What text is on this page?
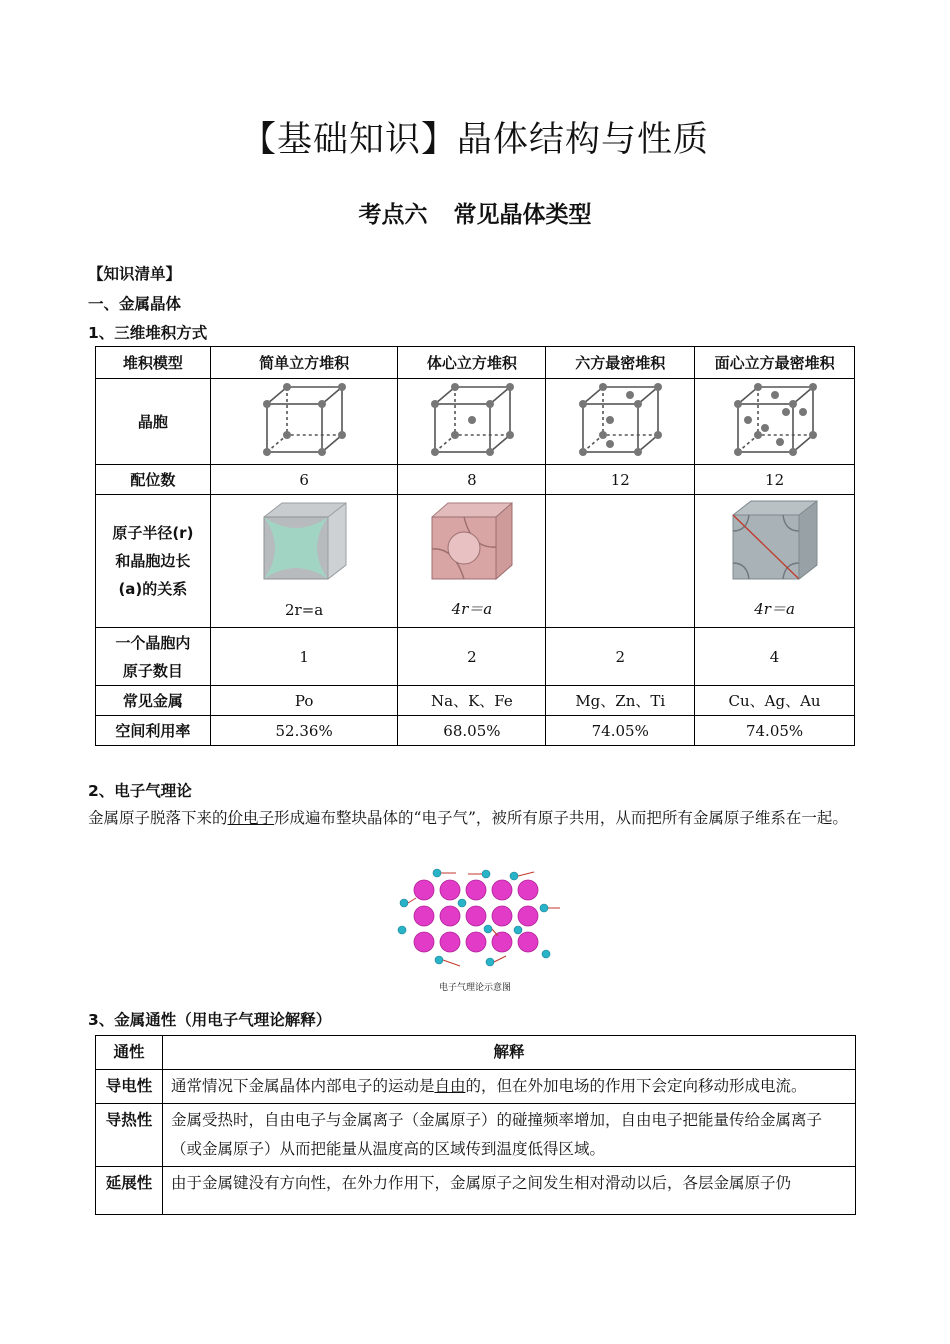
【基础知识】晶体结构与性质
考点六 常见晶体类型
【知识清单】
一、金属晶体
1、三维堆积方式
堆积模型	简单立方堆积	体心立方堆积	六方最密堆积	面心立方最密堆积
晶胞				
配位数	6	8	12	12

原子半径(r)
和晶胞边长
(a)的关系	2r=a	4r＝a		4r＝a

一个晶胞内
原子数目	1	2	2	4
常见金属	Po	Na、K、Fe	Mg、Zn、Ti	Cu、Ag、Au
空间利用率	52.36%	68.05%	74.05%	74.05%
2、电子气理论
金属原子脱落下来的价电子形成遍布整块晶体的“电子气”，被所有原子共用，从而把所有金属原子维系在一起。
电子气理论示意图
3、金属通性（用电子气理论解释）
通性	解释
导电性	通常情况下金属晶体内部电子的运动是自由的，但在外加电场的作用下会定向移动形成电流。
导热性	金属受热时，自由电子与金属离子（金属原子）的碰撞频率增加，自由电子把能量传给金属离子（或金属原子）从而把能量从温度高的区域传到温度低得区域。
延展性	由于金属键没有方向性，在外力作用下，金属原子之间发生相对滑动以后，各层金属原子仍
